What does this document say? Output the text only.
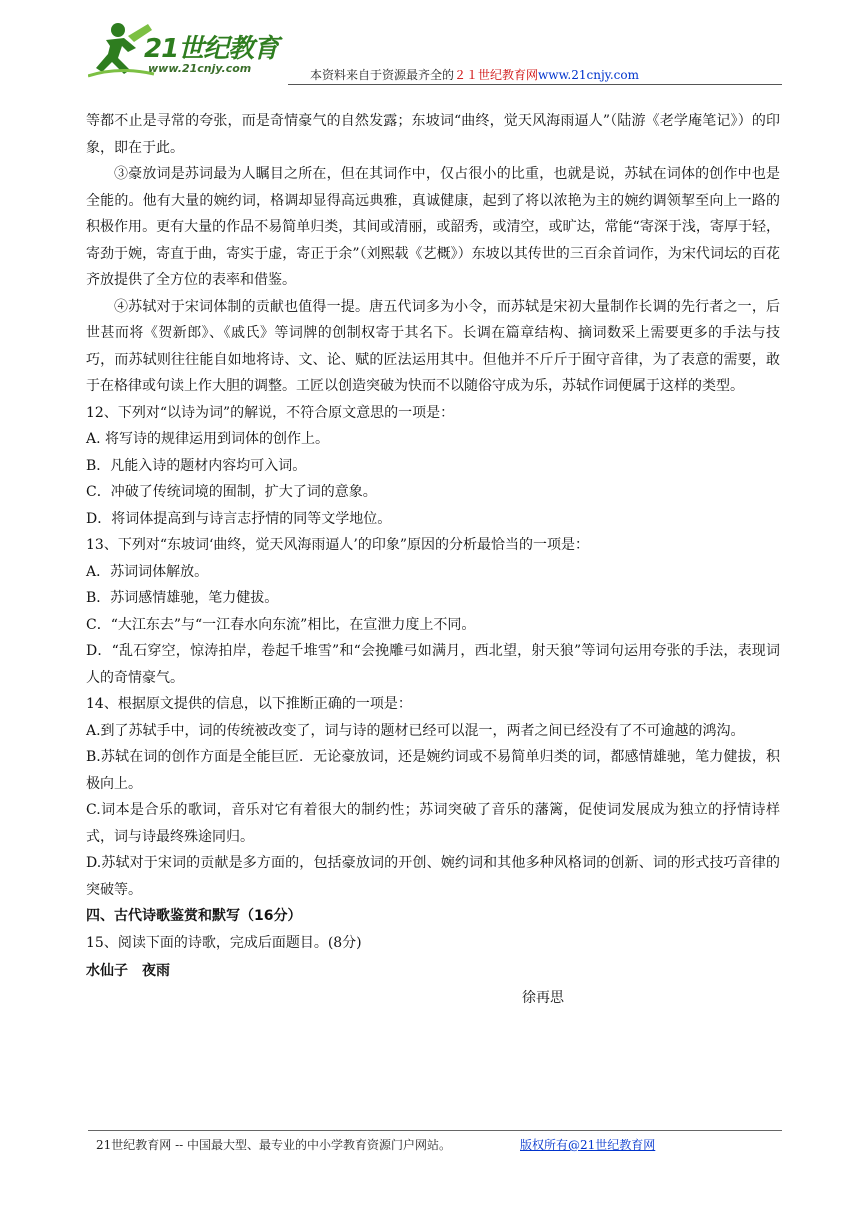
21世纪教育
www.21cnjy.com	本资料来自于资源最齐全的２１世纪教育网www.21cnjy.com

等都不止是寻常的夸张，而是奇情豪气的自然发露；东坡词“曲终，觉天风海雨逼人”（陆游《老学庵笔记》）的印象，即在于此。

③豪放词是苏词最为人瞩目之所在，但在其词作中，仅占很小的比重，也就是说，苏轼在词体的创作中也是全能的。他有大量的婉约词，格调却显得高远典雅，真诚健康，起到了将以浓艳为主的婉约调领挈至向上一路的积极作用。更有大量的作品不易简单归类，其间或清丽，或韶秀，或清空，或旷达，常能“寄深于浅，寄厚于轻，寄劲于婉，寄直于曲，寄实于虚，寄正于余”（刘熙载《艺概》）东坡以其传世的三百余首词作，为宋代词坛的百花齐放提供了全方位的表率和借鉴。

④苏轼对于宋词体制的贡献也值得一提。唐五代词多为小令，而苏轼是宋初大量制作长调的先行者之一，后世甚而将《贺新郎》、《戚氏》等词牌的创制权寄于其名下。长调在篇章结构、摘词数采上需要更多的手法与技巧，而苏轼则往往能自如地将诗、文、论、赋的匠法运用其中。但他并不斤斤于囿守音律，为了表意的需要，敢于在格律或句读上作大胆的调整。工匠以创造突破为快而不以随俗守成为乐，苏轼作词便属于这样的类型。

12、下列对“以诗为词”的解说，不符合原文意思的一项是：

A. 将写诗的规律运用到词体的创作上。

B．凡能入诗的题材内容均可入词。

C．冲破了传统词境的囿制，扩大了词的意象。

D．将词体提高到与诗言志抒情的同等文学地位。

13、下列对“东坡词‘曲终，觉天风海雨逼人’的印象”原因的分析最恰当的一项是：

A．苏词词体解放。

B．苏词感情雄驰，笔力健拔。

C．“大江东去”与“一江春水向东流”相比，在宣泄力度上不同。

D．“乱石穿空，惊涛拍岸，卷起千堆雪”和“会挽雕弓如满月，西北望，射天狼”等词句运用夸张的手法，表现词人的奇情豪气。

14、根据原文提供的信息，以下推断正确的一项是：

A.到了苏轼手中，词的传统被改变了，词与诗的题材已经可以混一，两者之间已经没有了不可逾越的鸿沟。

B.苏轼在词的创作方面是全能巨匠．无论豪放词，还是婉约词或不易简单归类的词，都感情雄驰，笔力健拔，积极向上。

C.词本是合乐的歌词，音乐对它有着很大的制约性；苏词突破了音乐的藩篱，促使词发展成为独立的抒情诗样式，词与诗最终殊途同归。

D.苏轼对于宋词的贡献是多方面的，包括豪放词的开创、婉约词和其他多种风格词的创新、词的形式技巧音律的突破等。

四、古代诗歌鉴赏和默写（16分）

15、阅读下面的诗歌，完成后面题目。(8分)

水仙子　夜雨

徐再思

21世纪教育网 -- 中国最大型、最专业的中小学教育资源门户网站。	版权所有@21世纪教育网
